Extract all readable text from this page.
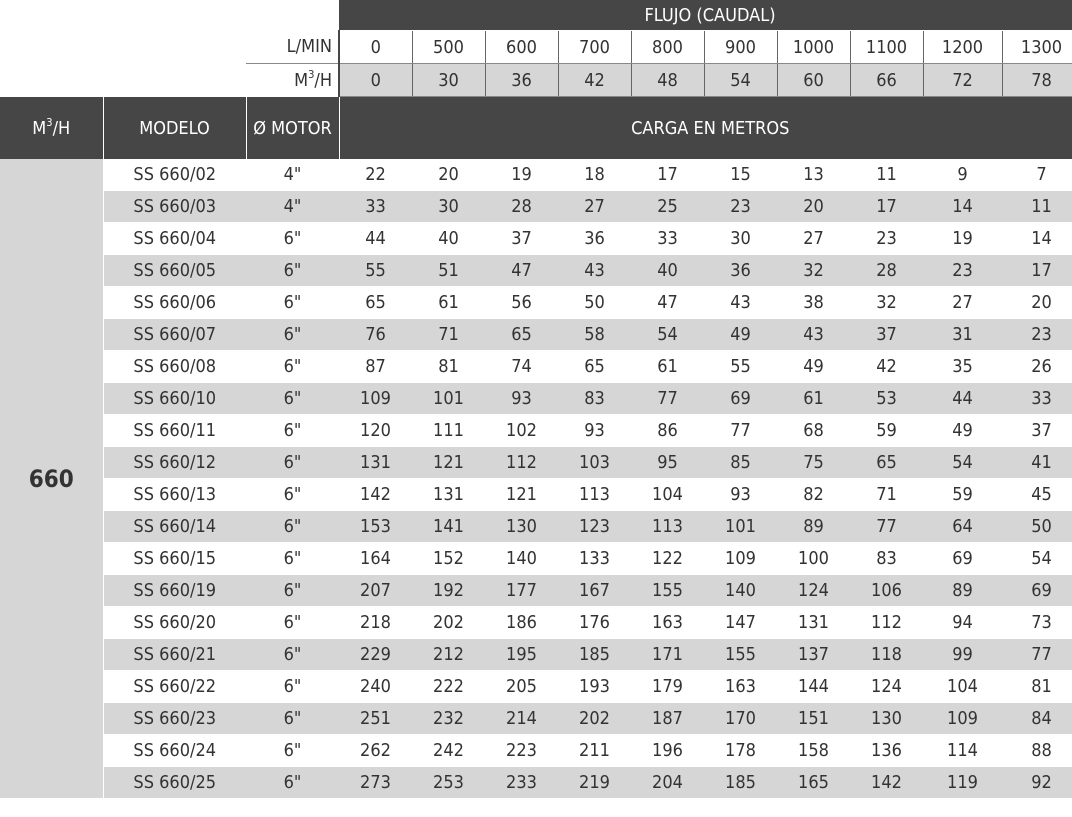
			FLUJO (CAUDAL)									
		L/MIN	0	500	600	700	800	900	1000	1100	1200	1300
		$M^3/H$	0	30	36	42	48	54	60	66	72	78
$M^3/H$	MODELO	Ø MOTOR	CARGA EN METROS									
660	SS 660/02	4"	22	20	19	18	17	15	13	11	9	7
	SS 660/03	4"	33	30	28	27	25	23	20	17	14	11
	SS 660/04	6"	44	40	37	36	33	30	27	23	19	14
	SS 660/05	6"	55	51	47	43	40	36	32	28	23	17
	SS 660/06	6"	65	61	56	50	47	43	38	32	27	20
	SS 660/07	6"	76	71	65	58	54	49	43	37	31	23
	SS 660/08	6"	87	81	74	65	61	55	49	42	35	26
	SS 660/10	6"	109	101	93	83	77	69	61	53	44	33
	SS 660/11	6"	120	111	102	93	86	77	68	59	49	37
	SS 660/12	6"	131	121	112	103	95	85	75	65	54	41
	SS 660/13	6"	142	131	121	113	104	93	82	71	59	45
	SS 660/14	6"	153	141	130	123	113	101	89	77	64	50
	SS 660/15	6"	164	152	140	133	122	109	100	83	69	54
	SS 660/19	6"	207	192	177	167	155	140	124	106	89	69
	SS 660/20	6"	218	202	186	176	163	147	131	112	94	73
	SS 660/21	6"	229	212	195	185	171	155	137	118	99	77
	SS 660/22	6"	240	222	205	193	179	163	144	124	104	81
	SS 660/23	6"	251	232	214	202	187	170	151	130	109	84
	SS 660/24	6"	262	242	223	211	196	178	158	136	114	88
	SS 660/25	6"	273	253	233	219	204	185	165	142	119	92
